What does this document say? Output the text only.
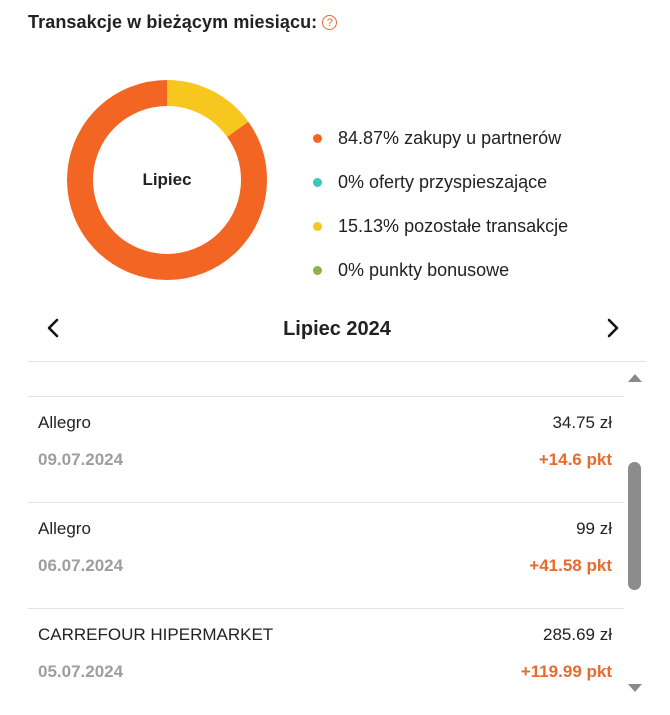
Transakcje w bieżącym miesiącu: ?
Lipiec
84.87%
zakupy u partnerów
0%
oferty przyspieszające
15.13%
pozostałe transakcje
0%
punkty bonusowe
Lipiec 2024
Allegro	34.75 zł
09.07.2024	+14.6 pkt
Allegro	99 zł
06.07.2024	+41.58 pkt
CARREFOUR HIPERMARKET	285.69 zł
05.07.2024	+119.99 pkt
